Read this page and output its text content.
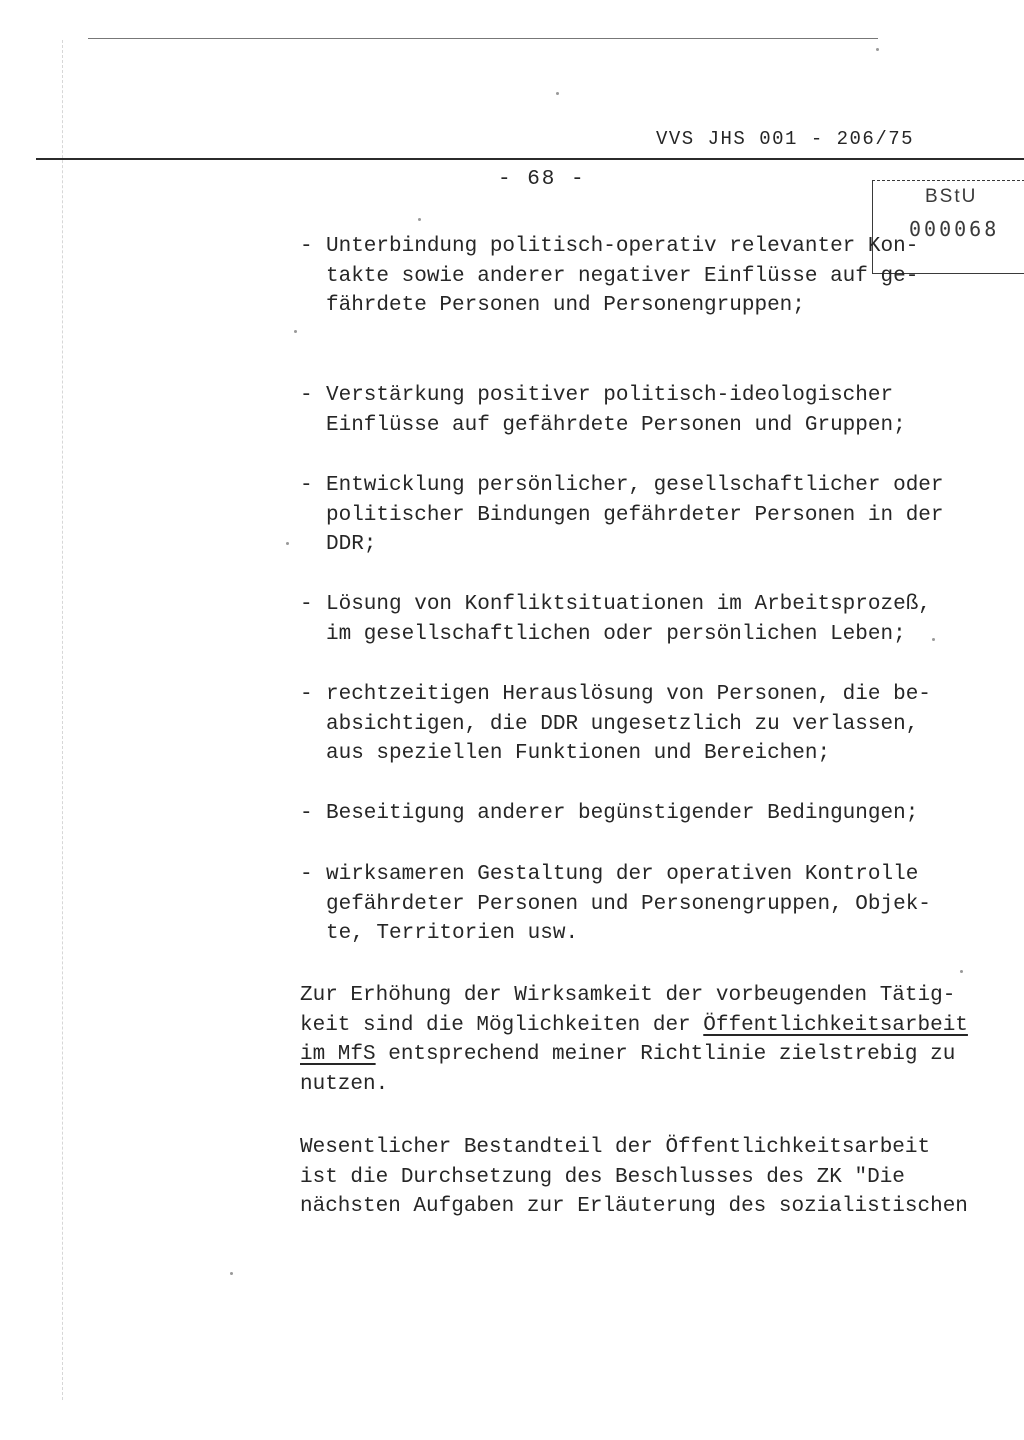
VVS JHS 001 - 206/75
- 68 -
BStU
000068
- Unterbindung politisch-operativ relevanter Kon-
takte sowie anderer negativer Einflüsse auf ge-
fährdete Personen und Personengruppen;
- Verstärkung positiver politisch-ideologischer
Einflüsse auf gefährdete Personen und Gruppen;
- Entwicklung persönlicher, gesellschaftlicher oder
politischer Bindungen gefährdeter Personen in der
DDR;
- Lösung von Konfliktsituationen im Arbeitsprozeß,
im gesellschaftlichen oder persönlichen Leben;
- rechtzeitigen Herauslösung von Personen, die be-
absichtigen, die DDR ungesetzlich zu verlassen,
aus speziellen Funktionen und Bereichen;
- Beseitigung anderer begünstigender Bedingungen;
- wirksameren Gestaltung der operativen Kontrolle
gefährdeter Personen und Personengruppen, Objek-
te, Territorien usw.
Zur Erhöhung der Wirksamkeit der vorbeugenden Tätig-
keit sind die Möglichkeiten der Öffentlichkeitsarbeit
im MfS entsprechend meiner Richtlinie zielstrebig zu
nutzen.
Wesentlicher Bestandteil der Öffentlichkeitsarbeit
ist die Durchsetzung des Beschlusses des ZK "Die
nächsten Aufgaben zur Erläuterung des sozialistischen
